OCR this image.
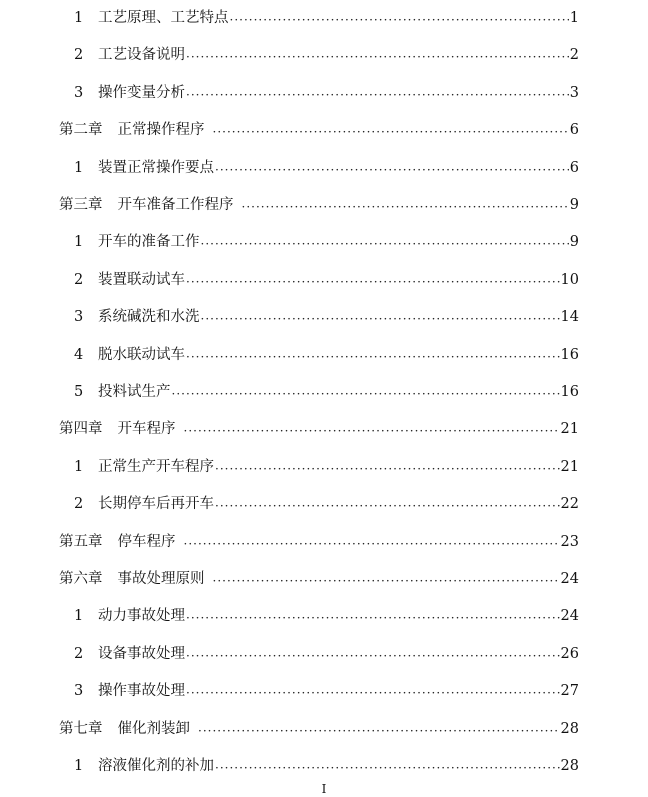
1	工艺原理、工艺特点 ·····	1
2	工艺设备说明 ·····	2
3	操作变量分析 ·····	3
第二章 正常操作程序 ·····	6
1	装置正常操作要点 ·····	6
第三章 开车准备工作程序 ·····	9
1	开车的准备工作 ·····	9
2	装置联动试车 ·····	10
3	系统碱洗和水洗 ·····	14
4	脱水联动试车 ·····	16
5	投料试生产 ·····	16
第四章 开车程序 ·····	21
1	正常生产开车程序 ·····	21
2	长期停车后再开车 ·····	22
第五章 停车程序 ·····	23
第六章 事故处理原则 ·····	24
1	动力事故处理 ·····	24
2	设备事故处理 ·····	26
3	操作事故处理 ·····	27
第七章 催化剂装卸 ·····	28
1	溶液催化剂的补加 ·····	28
I
